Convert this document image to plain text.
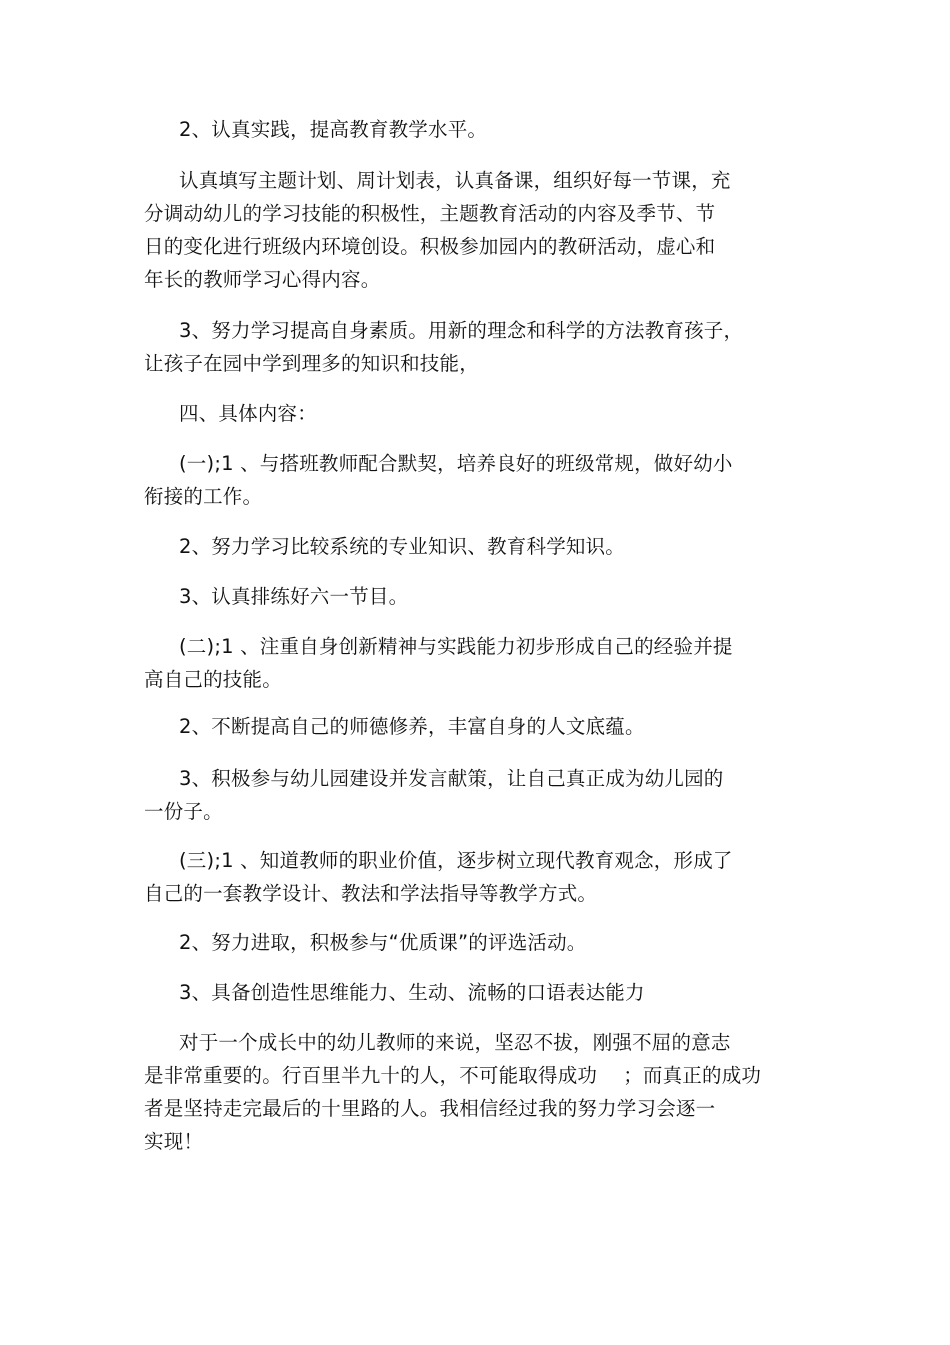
2、认真实践，提高教育教学水平。

认真填写主题计划、周计划表，认真备课，组织好每一节课，充
分调动幼儿的学习技能的积极性，主题教育活动的内容及季节、节
日的变化进行班级内环境创设。积极参加园内的教研活动，虚心和
年长的教师学习心得内容。

3、努力学习提高自身素质。用新的理念和科学的方法教育孩子，
让孩子在园中学到理多的知识和技能，

四、具体内容：

(一);1 、与搭班教师配合默契，培养良好的班级常规，做好幼小
衔接的工作。

2、努力学习比较系统的专业知识、教育科学知识。

3、认真排练好六一节目。

(二);1 、注重自身创新精神与实践能力初步形成自己的经验并提
高自己的技能。

2、不断提高自己的师德修养，丰富自身的人文底蕴。

3、积极参与幼儿园建设并发言献策，让自己真正成为幼儿园的
一份子。

(三);1 、知道教师的职业价值，逐步树立现代教育观念，形成了
自己的一套教学设计、教法和学法指导等教学方式。

2、努力进取，积极参与“优质课”的评选活动。

3、具备创造性思维能力、生动、流畅的口语表达能力

对于一个成长中的幼儿教师的来说，坚忍不拔，刚强不屈的意志
是非常重要的。行百里半九十的人，不可能取得成功　 ；而真正的成功
者是坚持走完最后的十里路的人。我相信经过我的努力学习会逐一
实现！
